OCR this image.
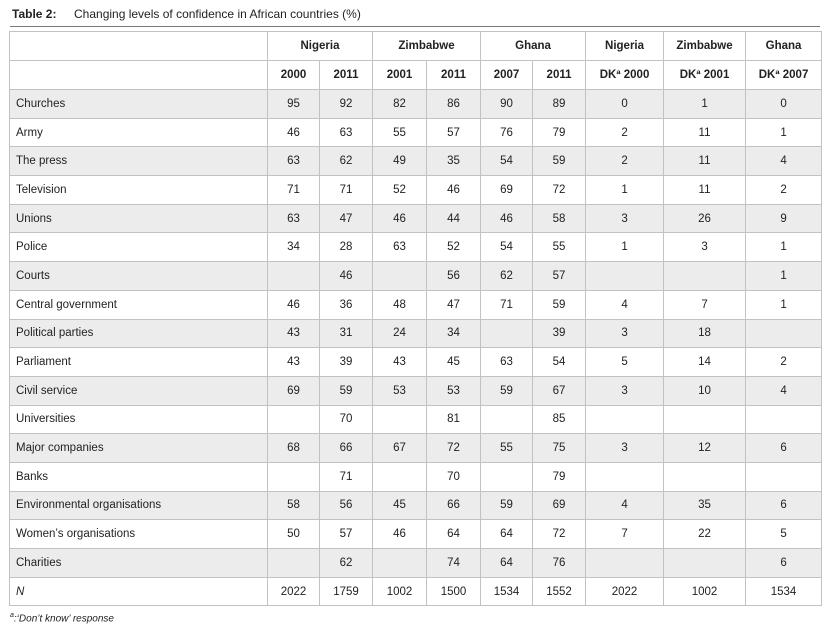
Table 2: Changing levels of confidence in African countries (%)
	Nigeria		Zimbabwe		Ghana		Nigeria	Zimbabwe	Ghana
	2000	2011	2001	2011	2007	2011	DKª 2000	DKª 2001	DKª 2007
Churches	95	92	82	86	90	89	0	1	0
Army	46	63	55	57	76	79	2	11	1
The press	63	62	49	35	54	59	2	11	4
Television	71	71	52	46	69	72	1	11	2
Unions	63	47	46	44	46	58	3	26	9
Police	34	28	63	52	54	55	1	3	1
Courts		46		56	62	57			1
Central government	46	36	48	47	71	59	4	7	1
Political parties	43	31	24	34		39	3	18	
Parliament	43	39	43	45	63	54	5	14	2
Civil service	69	59	53	53	59	67	3	10	4
Universities		70		81		85			
Major companies	68	66	67	72	55	75	3	12	6
Banks		71		70		79			
Environmental organisations	58	56	45	66	59	69	4	35	6
Women’s organisations	50	57	46	64	64	72	7	22	5
Charities		62		74	64	76			6
N	2022	1759	1002	1500	1534	1552	2022	1002	1534
$^a$:‘Don’t know’ response
